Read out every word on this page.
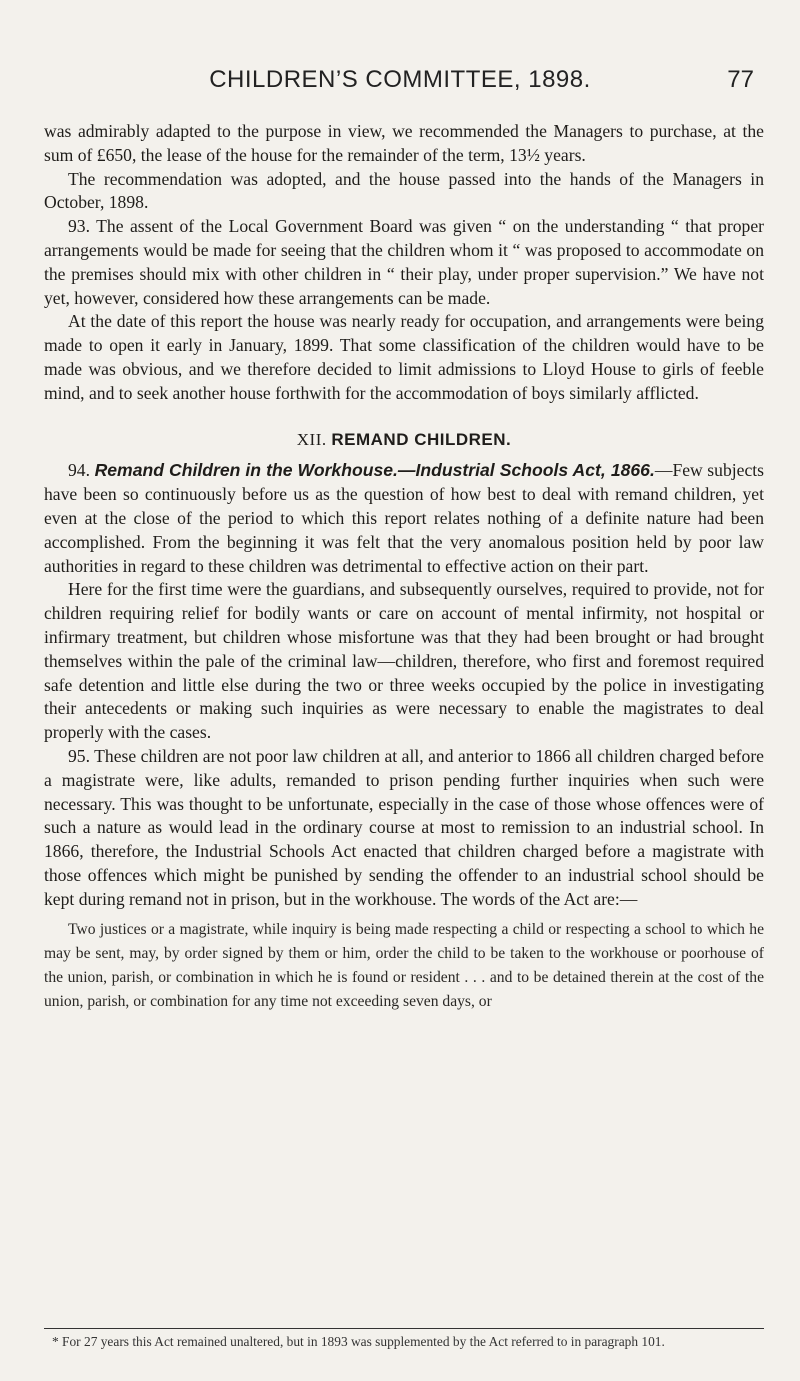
CHILDREN’S COMMITTEE, 1898.	77

was admirably adapted to the purpose in view, we recommended the Managers to purchase, at the sum of £650, the lease of the house for the remainder of the term, 13½ years.

The recommendation was adopted, and the house passed into the hands of the Managers in October, 1898.

93. The assent of the Local Government Board was given “ on the understanding “ that proper arrangements would be made for seeing that the children whom it “ was proposed to accommodate on the premises should mix with other children in “ their play, under proper supervision.” We have not yet, however, considered how these arrangements can be made.

At the date of this report the house was nearly ready for occupation, and arrangements were being made to open it early in January, 1899. That some classification of the children would have to be made was obvious, and we therefore decided to limit admissions to Lloyd House to girls of feeble mind, and to seek another house forthwith for the accommodation of boys similarly afflicted.

XII. REMAND CHILDREN.

94. Remand Children in the Workhouse.—Industrial Schools Act, 1866.—Few subjects have been so continuously before us as the question of how best to deal with remand children, yet even at the close of the period to which this report relates nothing of a definite nature had been accomplished. From the beginning it was felt that the very anomalous position held by poor law authorities in regard to these children was detrimental to effective action on their part.

Here for the first time were the guardians, and subsequently ourselves, required to provide, not for children requiring relief for bodily wants or care on account of mental infirmity, not hospital or infirmary treatment, but children whose misfortune was that they had been brought or had brought themselves within the pale of the criminal law—children, therefore, who first and foremost required safe detention and little else during the two or three weeks occupied by the police in investigating their antecedents or making such inquiries as were necessary to enable the magistrates to deal properly with the cases.

95. These children are not poor law children at all, and anterior to 1866 all children charged before a magistrate were, like adults, remanded to prison pending further inquiries when such were necessary. This was thought to be unfortunate, especially in the case of those whose offences were of such a nature as would lead in the ordinary course at most to remission to an industrial school. In 1866, therefore, the Industrial Schools Act enacted that children charged before a magistrate with those offences which might be punished by sending the offender to an industrial school should be kept during remand not in prison, but in the workhouse. The words of the Act are:—

Two justices or a magistrate, while inquiry is being made respecting a child or respecting a school to which he may be sent, may, by order signed by them or him, order the child to be taken to the workhouse or poorhouse of the union, parish, or combination in which he is found or resident . . . and to be detained therein at the cost of the union, parish, or combination for any time not exceeding seven days, or

* For 27 years this Act remained unaltered, but in 1893 was supplemented by the Act referred to in paragraph 101.
